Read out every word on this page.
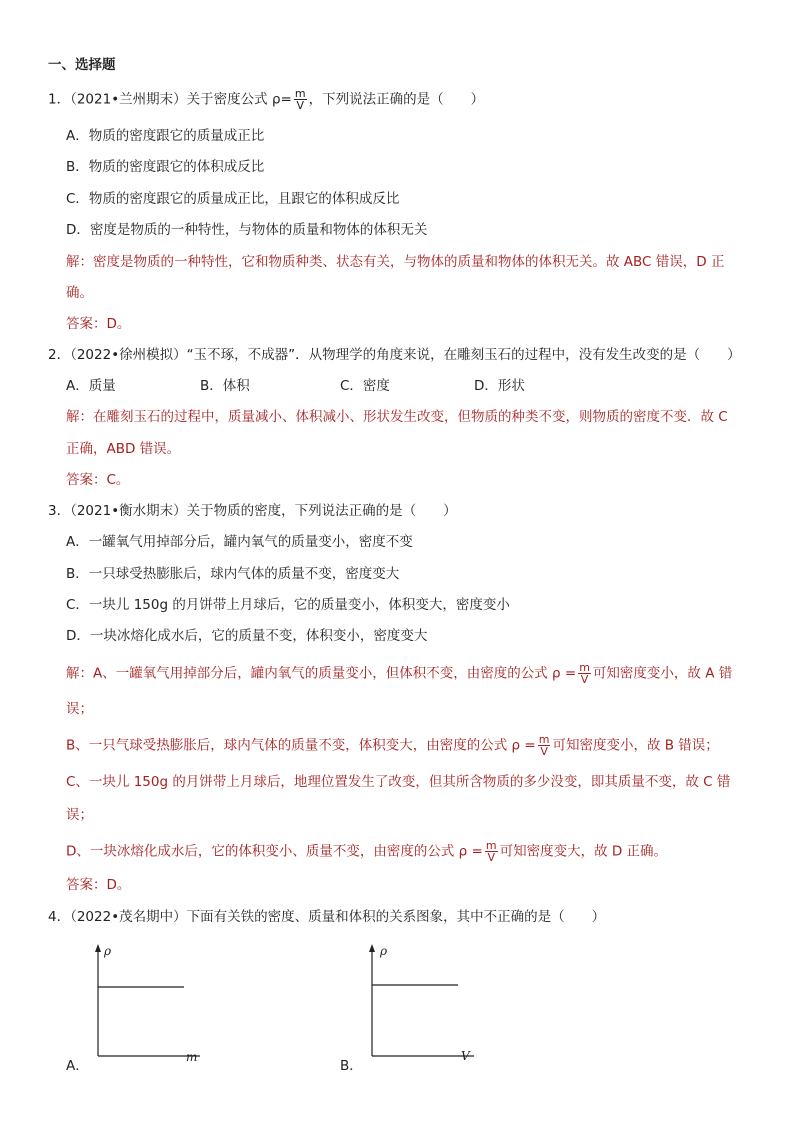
一、选择题
1．（2021•兰州期末）关于密度公式 $\rho= \frac{m}{V}$ ，下列说法正确的是（　　）
A．物质的密度跟它的质量成正比
B．物质的密度跟它的体积成反比
C．物质的密度跟它的质量成正比，且跟它的体积成反比
D．密度是物质的一种特性，与物体的质量和物体的体积无关
解：密度是物质的一种特性，它和物质种类、状态有关，与物体的质量和物体的体积无关。故 ABC 错误，D 正
确。
答案：D。
2．（2022•徐州模拟）“玉不琢，不成器”．从物理学的角度来说，在雕刻玉石的过程中，没有发生改变的是（　　）
A．质量	B．体积	C．密度	D．形状
解：在雕刻玉石的过程中，质量减小、体积减小、形状发生改变，但物质的种类不变，则物质的密度不变．故 C
正确，ABD 错误。
答案：C。
3．（2021•衡水期末）关于物质的密度，下列说法正确的是（　　）
A．一罐氧气用掉部分后，罐内氧气的质量变小，密度不变
B．一只球受热膨胀后，球内气体的质量不变，密度变大
C．一块儿 150g 的月饼带上月球后，它的质量变小，体积变大，密度变小
D．一块冰熔化成水后，它的质量不变，体积变小，密度变大
解：A、一罐氧气用掉部分后，罐内氧气的质量变小，但体积不变，由密度的公式 $\rho = \frac{m}{V}$ 可知密度变小，故 A 错
误；
B、一只气球受热膨胀后，球内气体的质量不变，体积变大，由密度的公式 $\rho = \frac{m}{V}$ 可知密度变小，故 B 错误；
C、一块儿 150g 的月饼带上月球后，地理位置发生了改变，但其所含物质的多少没变，即其质量不变，故 C 错
误；
D、一块冰熔化成水后，它的体积变小、质量不变，由密度的公式 $\rho = \frac{m}{V}$ 可知密度变大，故 D 正确。
答案：D。
4．（2022•茂名期中）下面有关铁的密度、质量和体积的关系图象，其中不正确的是（　　）
ρ
m
A．
ρ
V
B．
